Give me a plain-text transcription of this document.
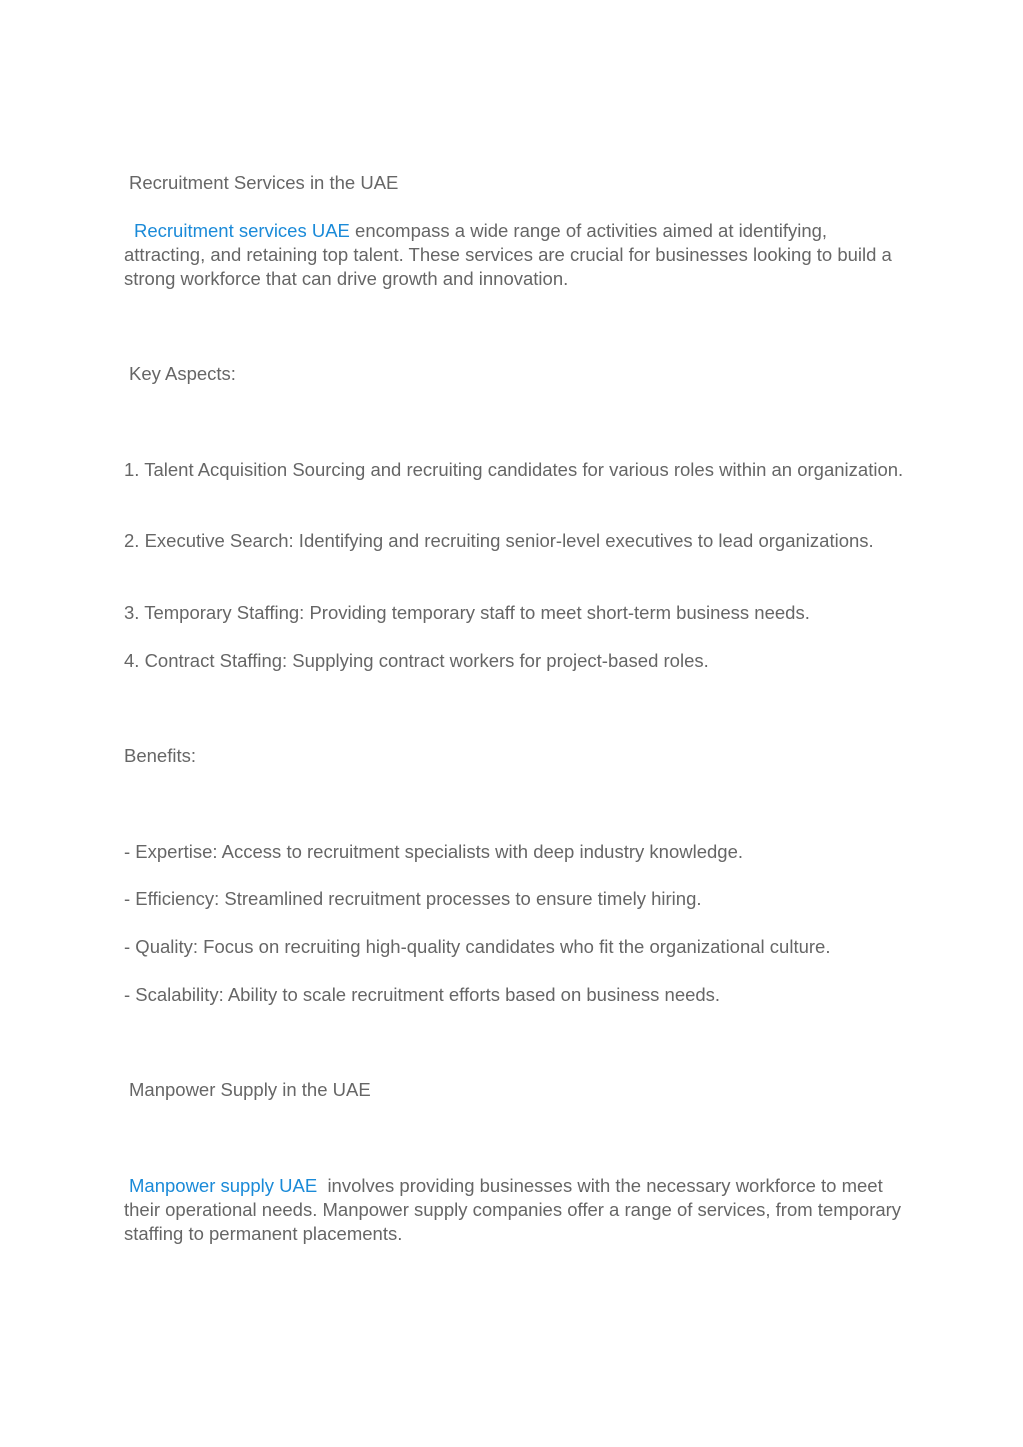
Recruitment Services in the UAE

Recruitment services UAE encompass a wide range of activities aimed at identifying, attracting, and retaining top talent. These services are crucial for businesses looking to build a strong workforce that can drive growth and innovation.

Key Aspects:

1. Talent Acquisition Sourcing and recruiting candidates for various roles within an organization.

2. Executive Search: Identifying and recruiting senior-level executives to lead organizations.

3. Temporary Staffing: Providing temporary staff to meet short-term business needs.

4. Contract Staffing: Supplying contract workers for project-based roles.

Benefits:

- Expertise: Access to recruitment specialists with deep industry knowledge.

- Efficiency: Streamlined recruitment processes to ensure timely hiring.

- Quality: Focus on recruiting high-quality candidates who fit the organizational culture.

- Scalability: Ability to scale recruitment efforts based on business needs.

Manpower Supply in the UAE

Manpower supply UAE  involves providing businesses with the necessary workforce to meet their operational needs. Manpower supply companies offer a range of services, from temporary staffing to permanent placements.
